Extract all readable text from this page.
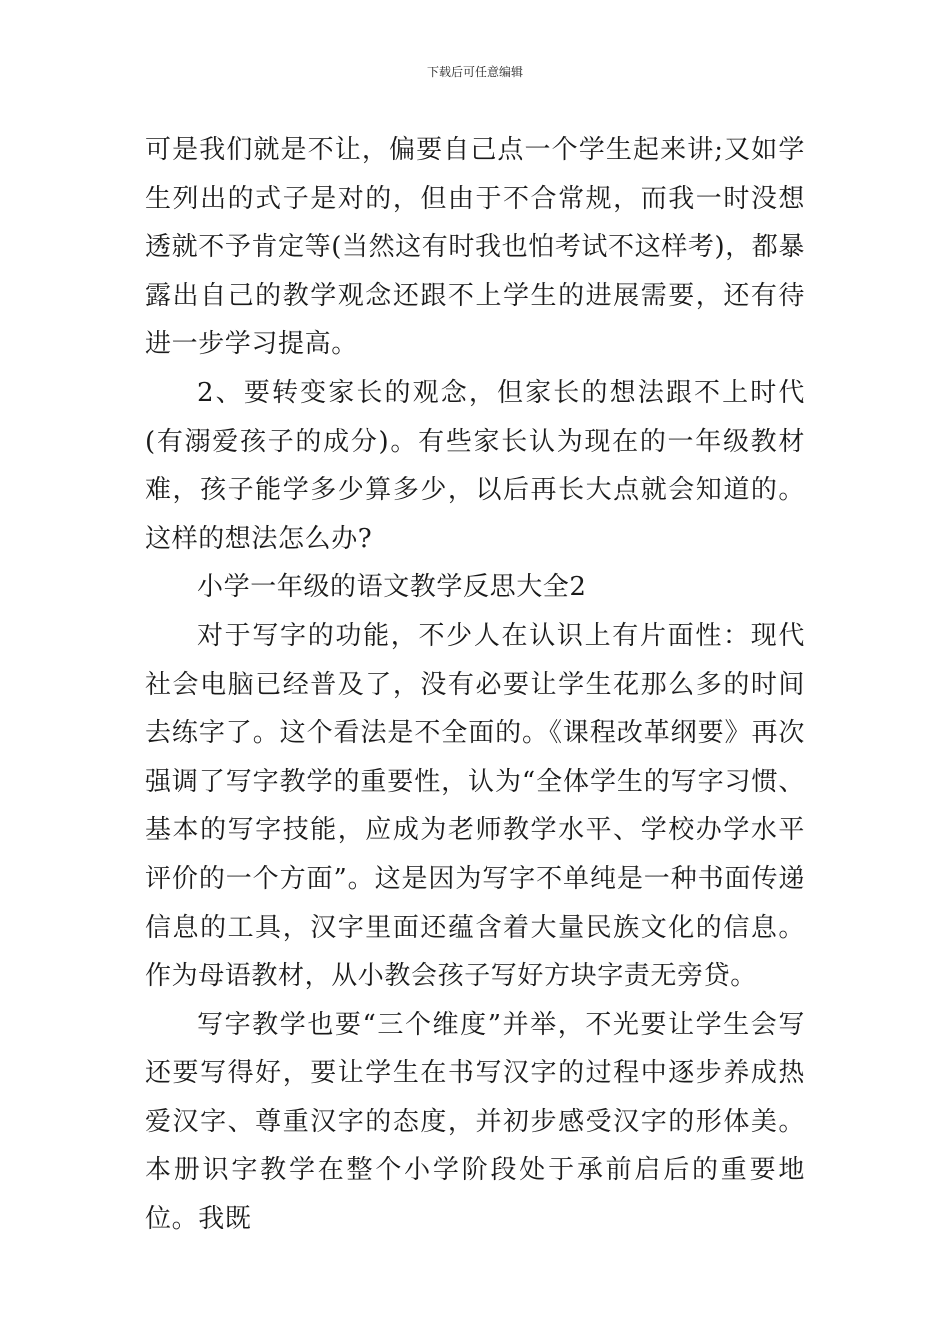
下载后可任意编辑

可是我们就是不让，偏要自己点一个学生起来讲;又如学生列出的式子是对的，但由于不合常规，而我一时没想透就不予肯定等(当然这有时我也怕考试不这样考)，都暴露出自己的教学观念还跟不上学生的进展需要，还有待进一步学习提高。

2、要转变家长的观念，但家长的想法跟不上时代(有溺爱孩子的成分)。有些家长认为现在的一年级教材难，孩子能学多少算多少，以后再长大点就会知道的。这样的想法怎么办?

小学一年级的语文教学反思大全2

对于写字的功能，不少人在认识上有片面性：现代社会电脑已经普及了，没有必要让学生花那么多的时间去练字了。这个看法是不全面的。《课程改革纲要》再次强调了写字教学的重要性，认为“全体学生的写字习惯、基本的写字技能，应成为老师教学水平、学校办学水平评价的一个方面”。这是因为写字不单纯是一种书面传递信息的工具，汉字里面还蕴含着大量民族文化的信息。作为母语教材，从小教会孩子写好方块字责无旁贷。

写字教学也要“三个维度”并举，不光要让学生会写还要写得好，要让学生在书写汉字的过程中逐步养成热爱汉字、尊重汉字的态度，并初步感受汉字的形体美。本册识字教学在整个小学阶段处于承前启后的重要地位。我既
